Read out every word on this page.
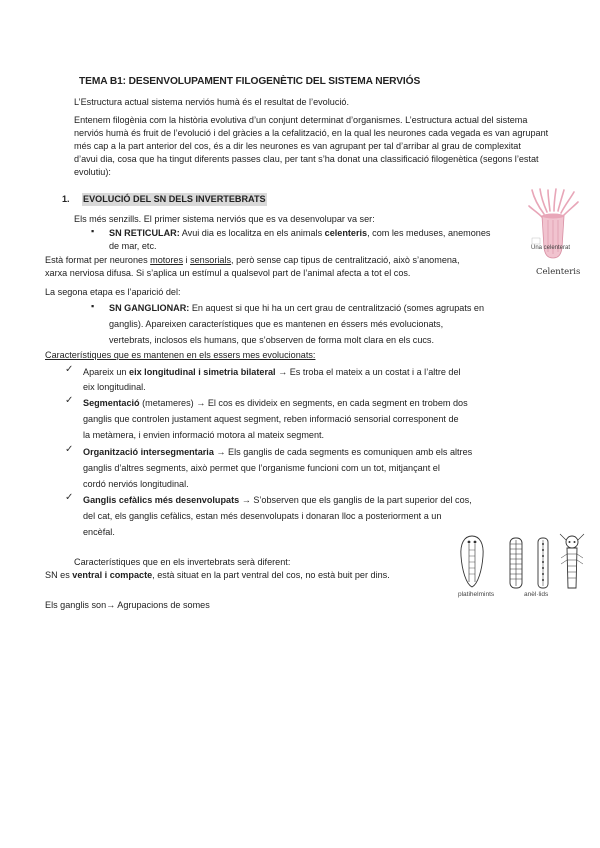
TEMA B1: DESENVOLUPAMENT FILOGENÈTIC DEL SISTEMA NERVIÓS
L’Estructura actual sistema nerviós humà és el resultat de l’evolució.
Entenem filogènia com la història evolutiva d’un conjunt determinat d’organismes. L’estructura actual del sistema
nerviós humà és fruit de l’evolució i del gràcies a la cefalització, en la qual les neurones cada vegada es van agrupant
més cap a la part anterior del cos, és a dir les neurones es van agrupant per tal d’arribar al grau de complexitat
d’avui dia, cosa que ha tingut diferents passes clau, per tant s’ha donat una classificació filogenètica (segons l’estat
evolutiu):
1. EVOLUCIÓ DEL SN DELS INVERTEBRATS
Els més senzills. El primer sistema nerviós que es va desenvolupar va ser:
▪ SN RETICULAR: Avui dia es localitza en els animals celenteris, com les meduses, anemones
de mar, etc.
Està format per neurones motores i sensorials, però sense cap tipus de centralització, això s’anomena,
xarxa nerviosa difusa. Si s’aplica un estímul a qualsevol part de l’animal afecta a tot el cos.
La segona etapa es l’aparició del:
▪ SN GANGLIONAR: En aquest si que hi ha un cert grau de centralització (somes agrupats en
ganglis). Apareixen característiques que es mantenen en éssers més evolucionats,
vertebrats, inclosos els humans, que s’observen de forma molt clara en els cucs.
Característiques que es mantenen en els essers mes evolucionats:
✓ Apareix un eix longitudinal i simetria bilateral → Es troba el mateix a un costat i a l’altre del
eix longitudinal.
✓ Segmentació (metameres) → El cos es divideix en segments, en cada segment en trobem dos
ganglis que controlen justament aquest segment, reben informació sensorial corresponent de
la metàmera, i envien informació motora al mateix segment.
✓ Organització intersegmentaria → Els ganglis de cada segments es comuniquen amb els altres
ganglis d’altres segments, això permet que l’organisme funcioni com un tot, mitjançant el
cordó nerviós longitudinal.
✓ Ganglis cefàlics més desenvolupats → S’observen que els ganglis de la part superior del cos,
del cat, els ganglis cefàlics, estan més desenvolupats i donaran lloc a posteriorment a un
encèfal.
Característiques que en els invertebrats serà diferent:
SN es ventral i compacte, està situat en la part ventral del cos, no està buit per dins.
Els ganglis son→ Agrupacions de somes
Una celenterat
Celenteris
platihelmints	anèl·lids
